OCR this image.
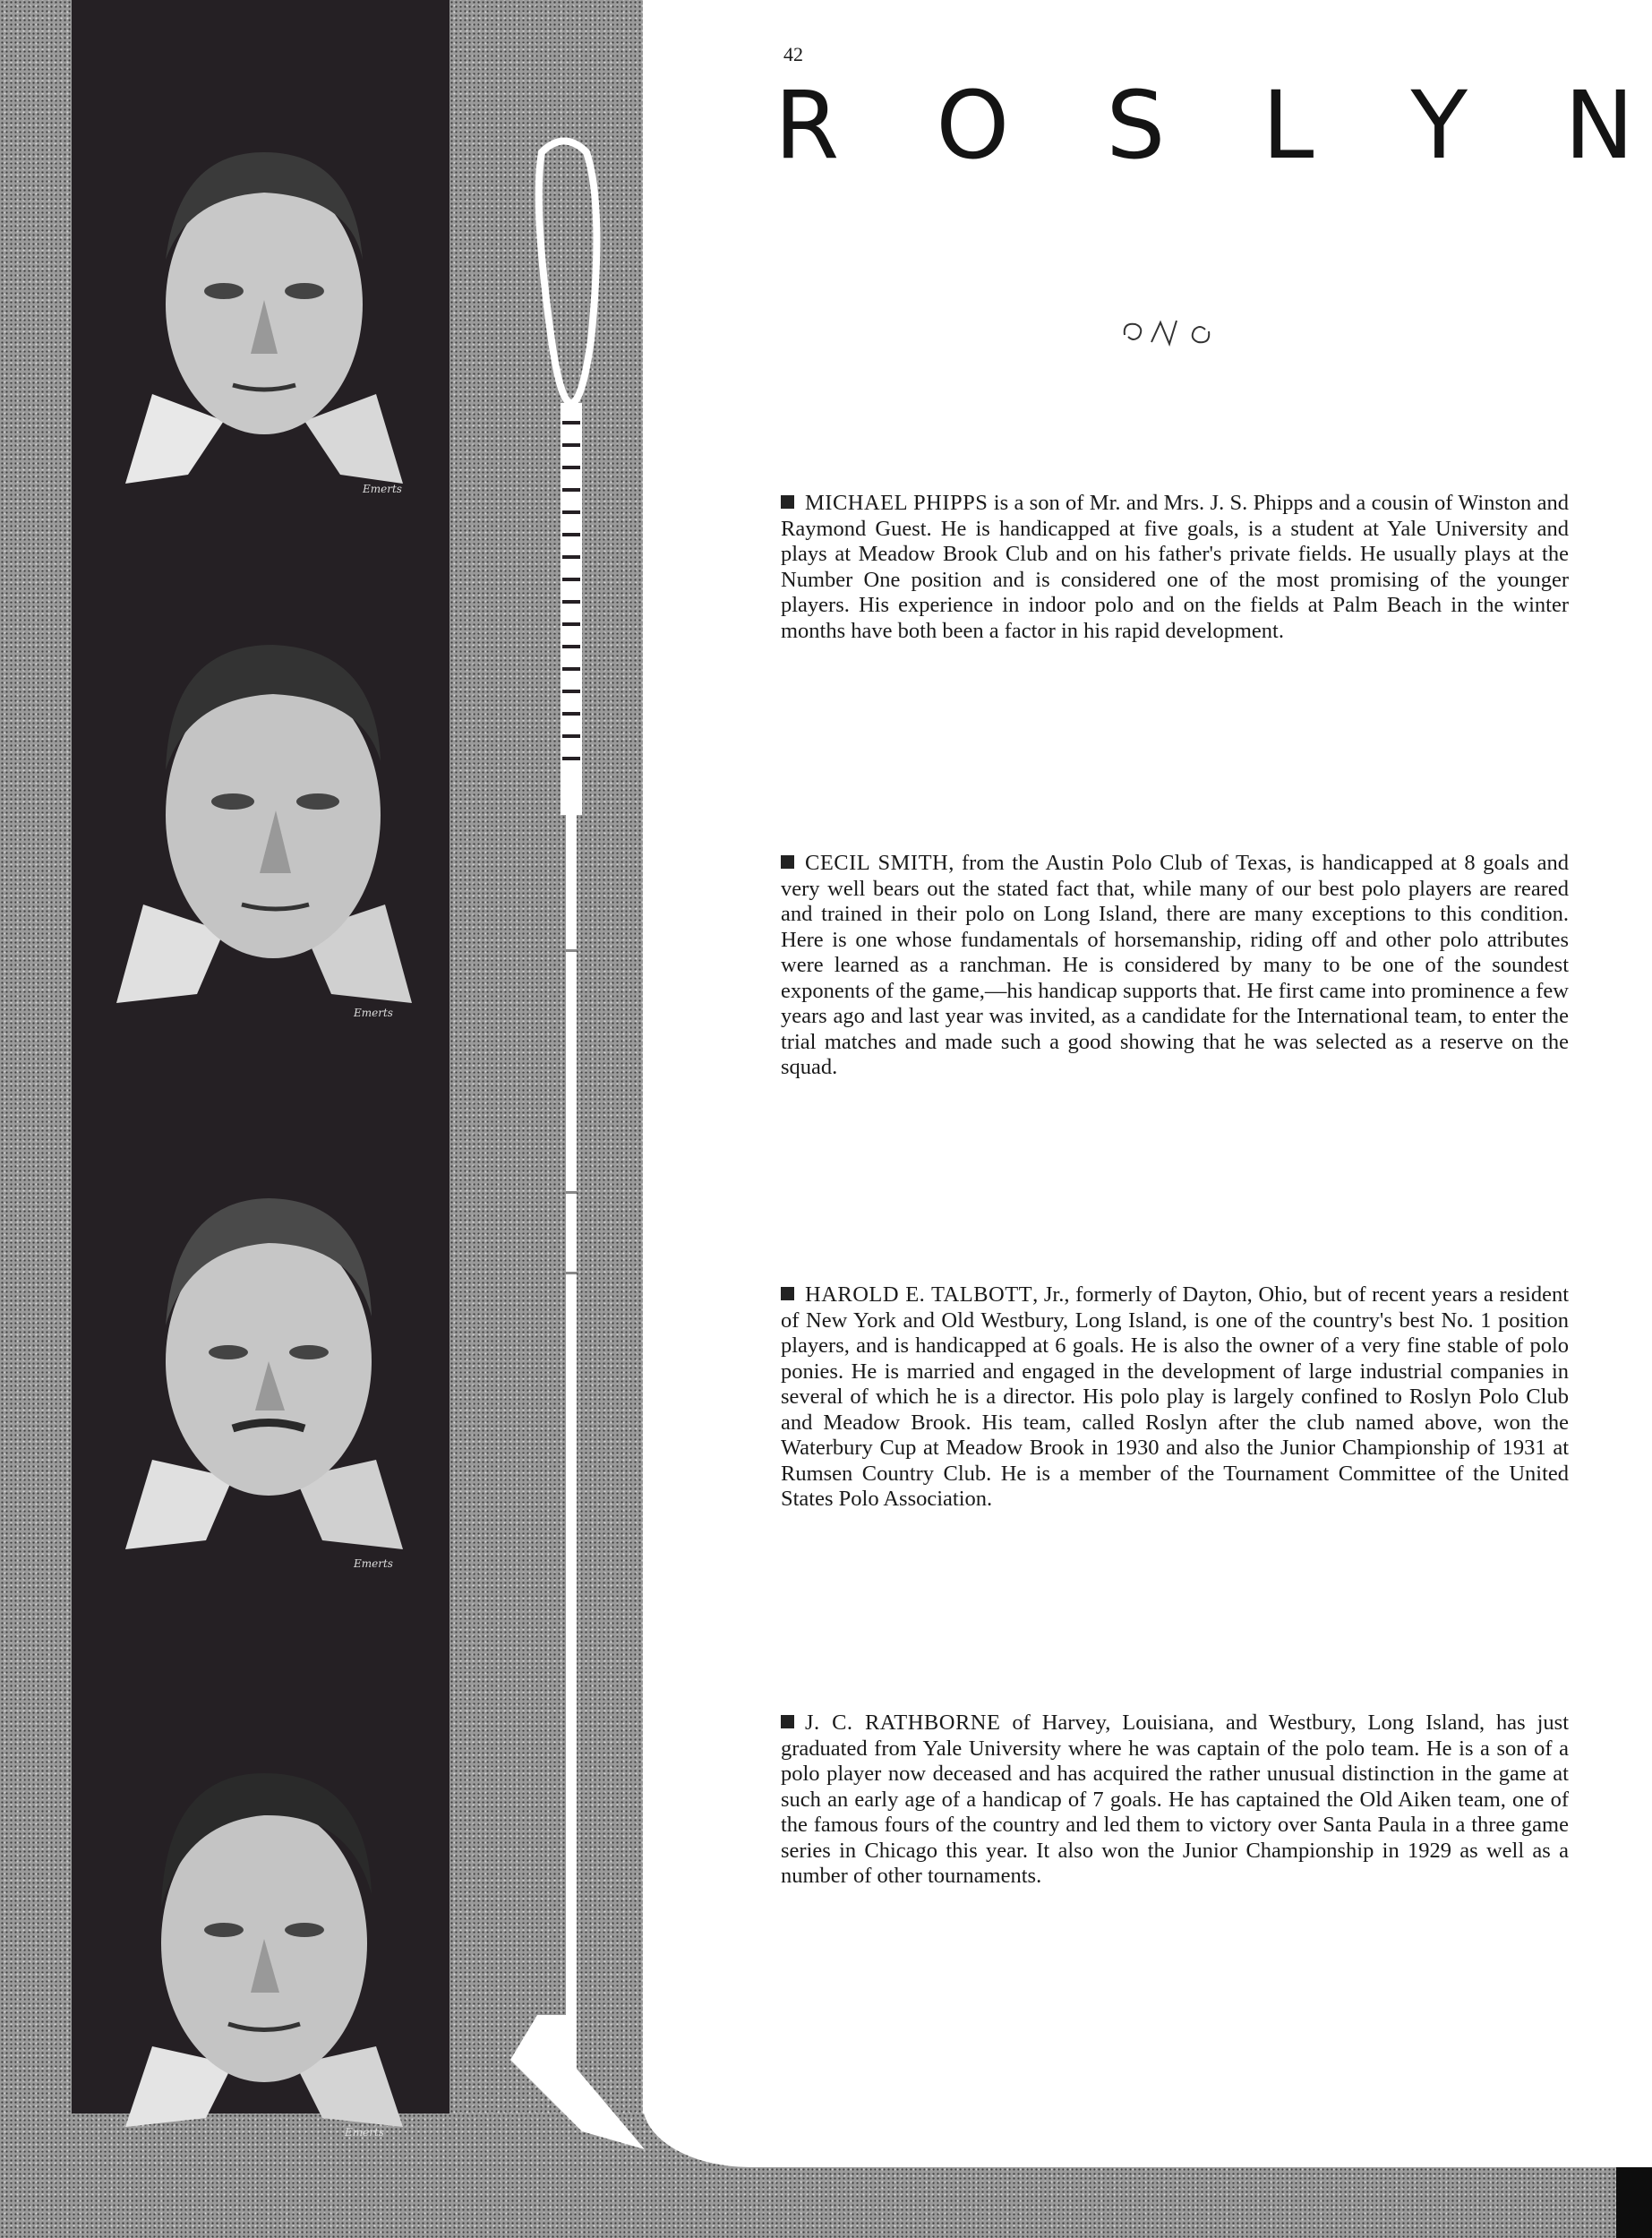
Emerts
Emerts
Emerts
Emerts
42
R O S L Y N
MICHAEL PHIPPS is a son of Mr. and Mrs. J. S. Phipps and a cousin of Winston and Raymond Guest. He is handicapped at five goals, is a student at Yale University and plays at Meadow Brook Club and on his father's private fields. He usually plays at the Number One position and is considered one of the most promising of the younger players. His experience in indoor polo and on the fields at Palm Beach in the winter months have both been a factor in his rapid development.
CECIL SMITH, from the Austin Polo Club of Texas, is handicapped at 8 goals and very well bears out the stated fact that, while many of our best polo players are reared and trained in their polo on Long Island, there are many exceptions to this condition. Here is one whose fundamentals of horsemanship, riding off and other polo attributes were learned as a ranchman. He is considered by many to be one of the soundest exponents of the game,—his handicap supports that. He first came into prominence a few years ago and last year was invited, as a candidate for the International team, to enter the trial matches and made such a good showing that he was selected as a reserve on the squad.
HAROLD E. TALBOTT, Jr., formerly of Dayton, Ohio, but of recent years a resident of New York and Old Westbury, Long Island, is one of the country's best No. 1 position players, and is handicapped at 6 goals. He is also the owner of a very fine stable of polo ponies. He is married and engaged in the development of large industrial companies in several of which he is a director. His polo play is largely confined to Roslyn Polo Club and Meadow Brook. His team, called Roslyn after the club named above, won the Waterbury Cup at Meadow Brook in 1930 and also the Junior Championship of 1931 at Rumsen Country Club. He is a member of the Tournament Committee of the United States Polo Association.
J. C. RATHBORNE of Harvey, Louisiana, and Westbury, Long Island, has just graduated from Yale University where he was captain of the polo team. He is a son of a polo player now deceased and has acquired the rather unusual distinction in the game at such an early age of a handicap of 7 goals. He has captained the Old Aiken team, one of the famous fours of the country and led them to victory over Santa Paula in a three game series in Chicago this year. It also won the Junior Championship in 1929 as well as a number of other tournaments.
